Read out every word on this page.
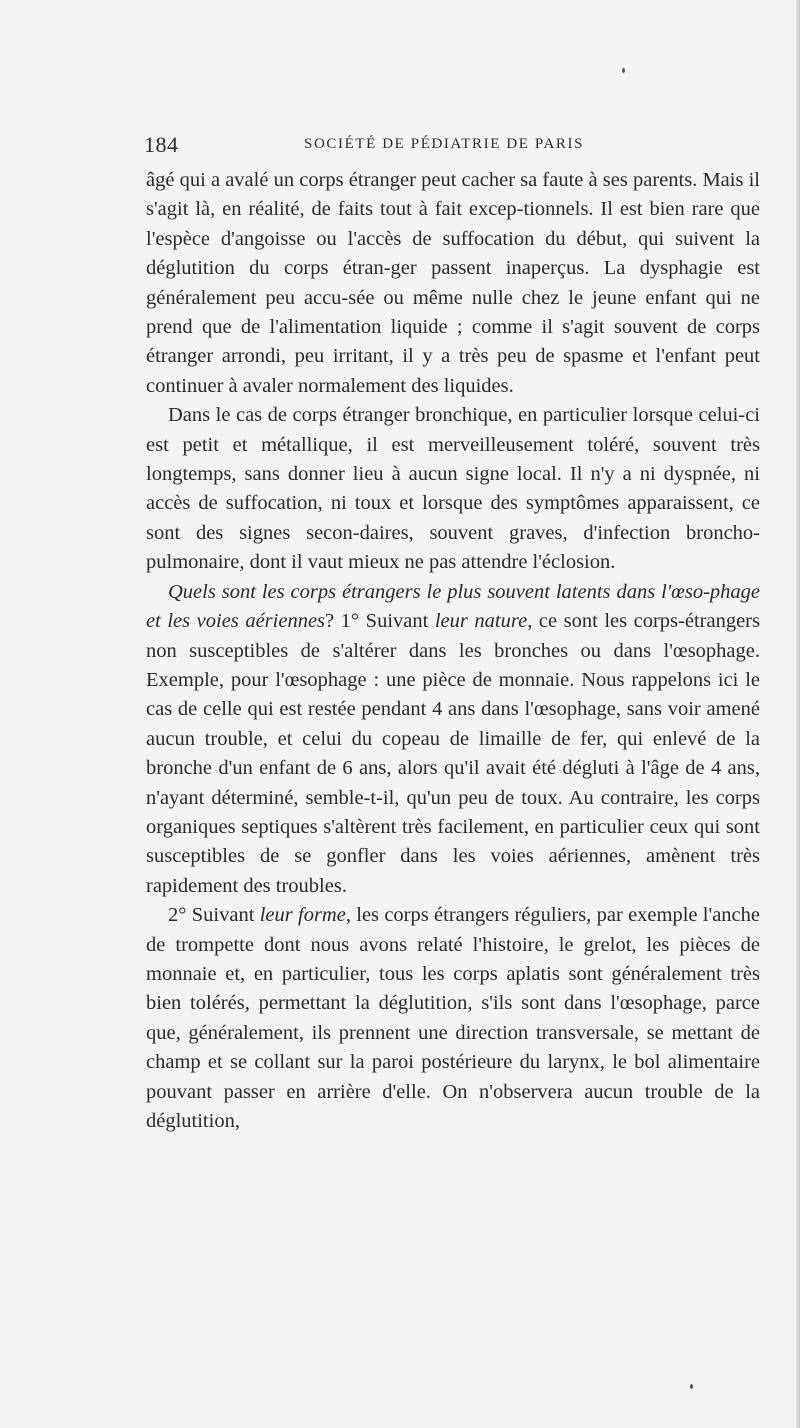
184	SOCIÉTÉ DE PÉDIATRIE DE PARIS

âgé qui a avalé un corps étranger peut cacher sa faute à ses parents. Mais il s'agit là, en réalité, de faits tout à fait excep-tionnels. Il est bien rare que l'espèce d'angoisse ou l'accès de suffocation du début, qui suivent la déglutition du corps étran-ger passent inaperçus. La dysphagie est généralement peu accu-sée ou même nulle chez le jeune enfant qui ne prend que de l'alimentation liquide ; comme il s'agit souvent de corps étranger arrondi, peu irritant, il y a très peu de spasme et l'enfant peut continuer à avaler normalement des liquides.

Dans le cas de corps étranger bronchique, en particulier lorsque celui-ci est petit et métallique, il est merveilleusement toléré, souvent très longtemps, sans donner lieu à aucun signe local. Il n'y a ni dyspnée, ni accès de suffocation, ni toux et lorsque des symptômes apparaissent, ce sont des signes secon-daires, souvent graves, d'infection broncho-pulmonaire, dont il vaut mieux ne pas attendre l'éclosion.

Quels sont les corps étrangers le plus souvent latents dans l'œso-phage et les voies aériennes? 1° Suivant leur nature, ce sont les corps-étrangers non susceptibles de s'altérer dans les bronches ou dans l'œsophage. Exemple, pour l'œsophage : une pièce de monnaie. Nous rappelons ici le cas de celle qui est restée pendant 4 ans dans l'œsophage, sans voir amené aucun trouble, et celui du copeau de limaille de fer, qui enlevé de la bronche d'un enfant de 6 ans, alors qu'il avait été dégluti à l'âge de 4 ans, n'ayant déterminé, semble-t-il, qu'un peu de toux. Au contraire, les corps organiques septiques s'altèrent très facilement, en particulier ceux qui sont susceptibles de se gonfler dans les voies aériennes, amènent très rapidement des troubles.

2° Suivant leur forme, les corps étrangers réguliers, par exemple l'anche de trompette dont nous avons relaté l'histoire, le grelot, les pièces de monnaie et, en particulier, tous les corps aplatis sont généralement très bien tolérés, permettant la déglutition, s'ils sont dans l'œsophage, parce que, généralement, ils prennent une direction transversale, se mettant de champ et se collant sur la paroi postérieure du larynx, le bol alimentaire pouvant passer en arrière d'elle. On n'observera aucun trouble de la déglutition,
